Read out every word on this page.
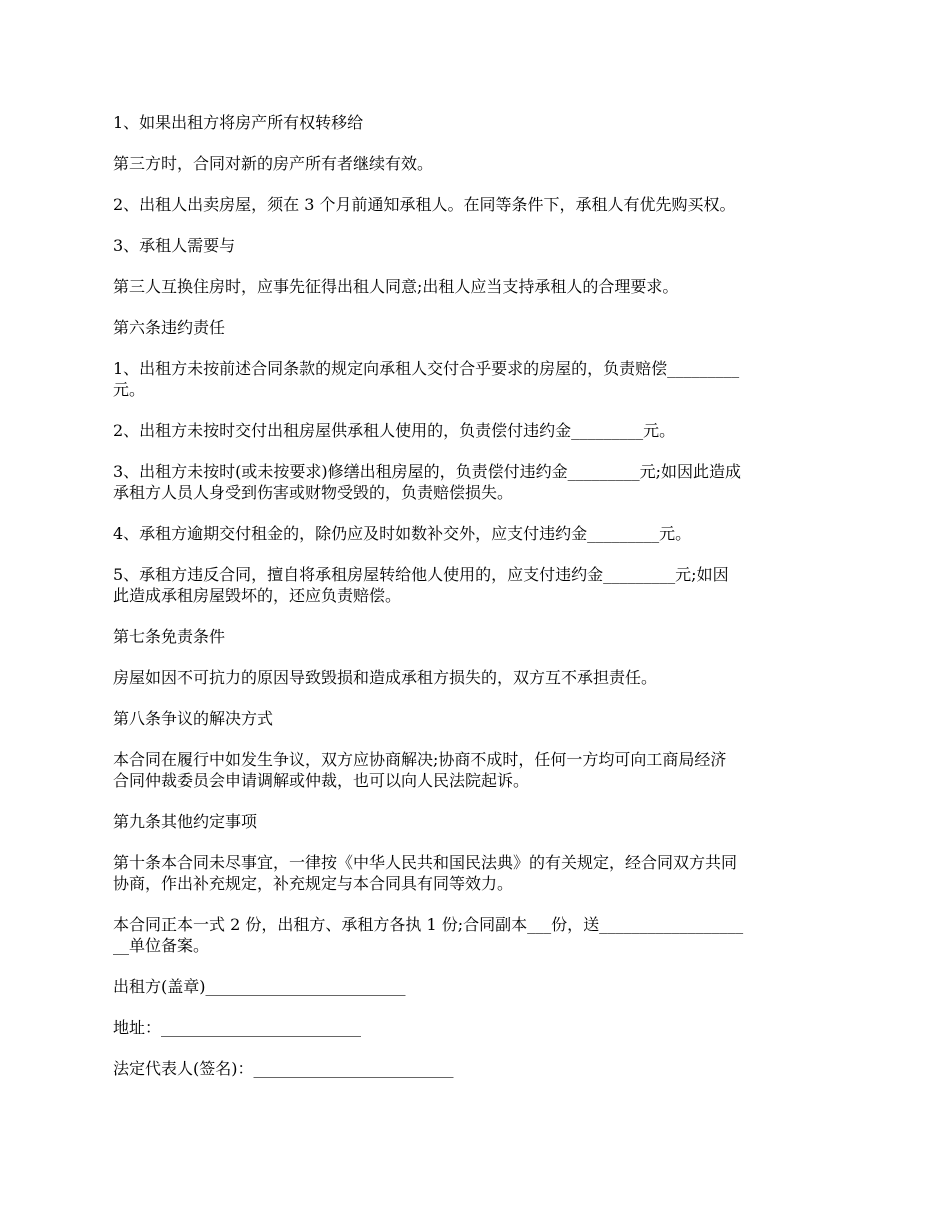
1、如果出租方将房产所有权转移给

第三方时，合同对新的房产所有者继续有效。

2、出租人出卖房屋，须在 3 个月前通知承租人。在同等条件下，承租人有优先购买权。

3、承租人需要与

第三人互换住房时，应事先征得出租人同意;出租人应当支持承租人的合理要求。

第六条违约责任

1、出租方未按前述合同条款的规定向承租人交付合乎要求的房屋的，负责赔偿_________
元。

2、出租方未按时交付出租房屋供承租人使用的，负责偿付违约金_________元。

3、出租方未按时(或未按要求)修缮出租房屋的，负责偿付违约金_________元;如因此造成
承租方人员人身受到伤害或财物受毁的，负责赔偿损失。

4、承租方逾期交付租金的，除仍应及时如数补交外，应支付违约金_________元。

5、承租方违反合同，擅自将承租房屋转给他人使用的，应支付违约金_________元;如因
此造成承租房屋毁坏的，还应负责赔偿。

第七条免责条件

房屋如因不可抗力的原因导致毁损和造成承租方损失的，双方互不承担责任。

第八条争议的解决方式

本合同在履行中如发生争议，双方应协商解决;协商不成时，任何一方均可向工商局经济
合同仲裁委员会申请调解或仲裁，也可以向人民法院起诉。

第九条其他约定事项

第十条本合同未尽事宜，一律按《中华人民共和国民法典》的有关规定，经合同双方共同
协商，作出补充规定，补充规定与本合同具有同等效力。

本合同正本一式 2 份，出租方、承租方各执 1 份;合同副本___份，送__________________
__单位备案。

出租方(盖章)_________________________

地址：_________________________

法定代表人(签名)：_________________________
